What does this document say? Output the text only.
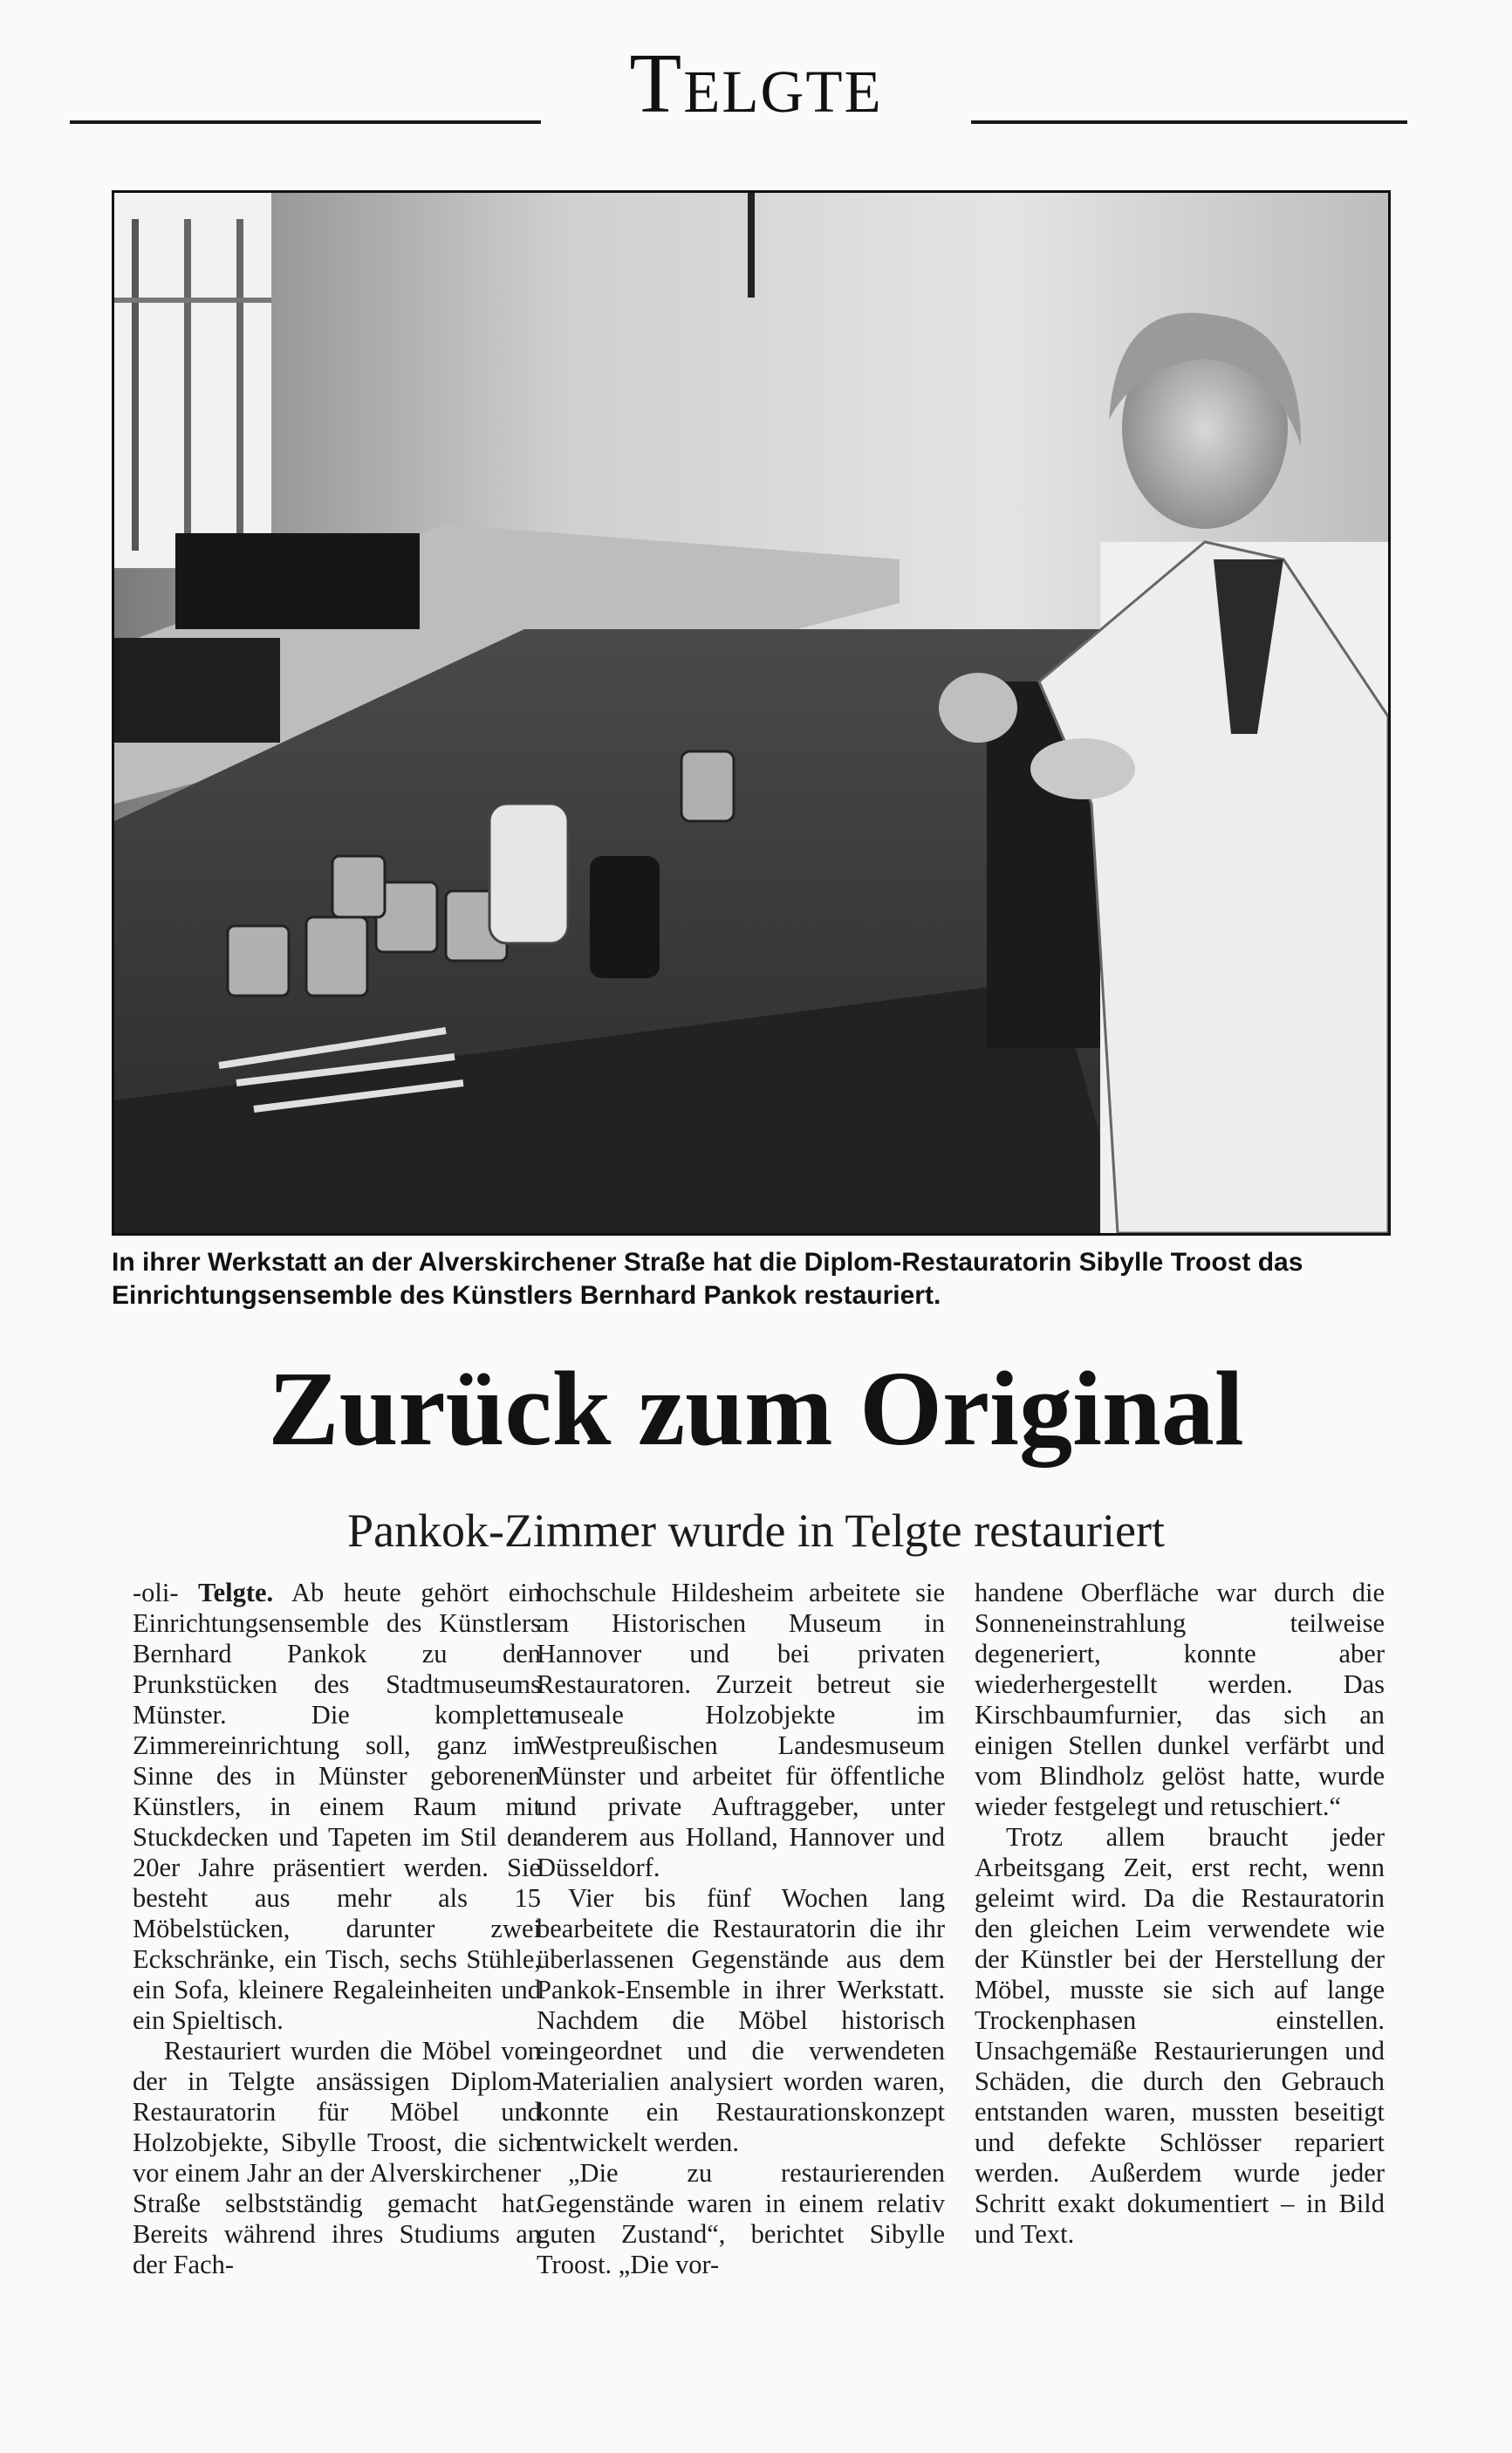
Telgte
In ihrer Werkstatt an der Alverskirchener Straße hat die Diplom-Restauratorin Sibylle Troost das Einrichtungsensemble des Künstlers Bernhard Pankok restauriert.
Zurück zum Original
Pankok-Zimmer wurde in Telgte restauriert

-oli- Telgte. Ab heute gehört ein Einrichtungsensemble des Künstlers Bernhard Pankok zu den Prunkstücken des Stadtmuseums Münster. Die komplette Zimmereinrichtung soll, ganz im Sinne des in Münster geborenen Künstlers, in einem Raum mit Stuckdecken und Tapeten im Stil der 20er Jahre präsentiert werden. Sie besteht aus mehr als 15 Möbelstücken, darunter zwei Eckschränke, ein Tisch, sechs Stühle, ein Sofa, kleinere Regaleinheiten und ein Spieltisch.

Restauriert wurden die Möbel von der in Telgte ansässigen Diplom-Restauratorin für Möbel und Holzobjekte, Sibylle Troost, die sich vor einem Jahr an der Alverskirchener Straße selbstständig gemacht hat. Bereits während ihres Studiums an der Fach-

hochschule Hildesheim arbeitete sie am Historischen Museum in Hannover und bei privaten Restauratoren. Zurzeit betreut sie museale Holzobjekte im Westpreußischen Landesmuseum Münster und arbeitet für öffentliche und private Auftraggeber, unter anderem aus Holland, Hannover und Düsseldorf.

Vier bis fünf Wochen lang bearbeitete die Restauratorin die ihr überlassenen Gegenstände aus dem Pankok-Ensemble in ihrer Werkstatt. Nachdem die Möbel historisch eingeordnet und die verwendeten Materialien analysiert worden waren, konnte ein Restaurationskonzept entwickelt werden.

„Die zu restaurierenden Gegenstände waren in einem relativ guten Zustand“, berichtet Sibylle Troost. „Die vor-

handene Oberfläche war durch die Sonneneinstrahlung teilweise degeneriert, konnte aber wiederhergestellt werden. Das Kirschbaumfurnier, das sich an einigen Stellen dunkel verfärbt und vom Blindholz gelöst hatte, wurde wieder festgelegt und retuschiert.“

Trotz allem braucht jeder Arbeitsgang Zeit, erst recht, wenn geleimt wird. Da die Restauratorin den gleichen Leim verwendete wie der Künstler bei der Herstellung der Möbel, musste sie sich auf lange Trockenphasen einstellen. Unsachgemäße Restaurierungen und Schäden, die durch den Gebrauch entstanden waren, mussten beseitigt und defekte Schlösser repariert werden. Außerdem wurde jeder Schritt exakt dokumentiert – in Bild und Text.
